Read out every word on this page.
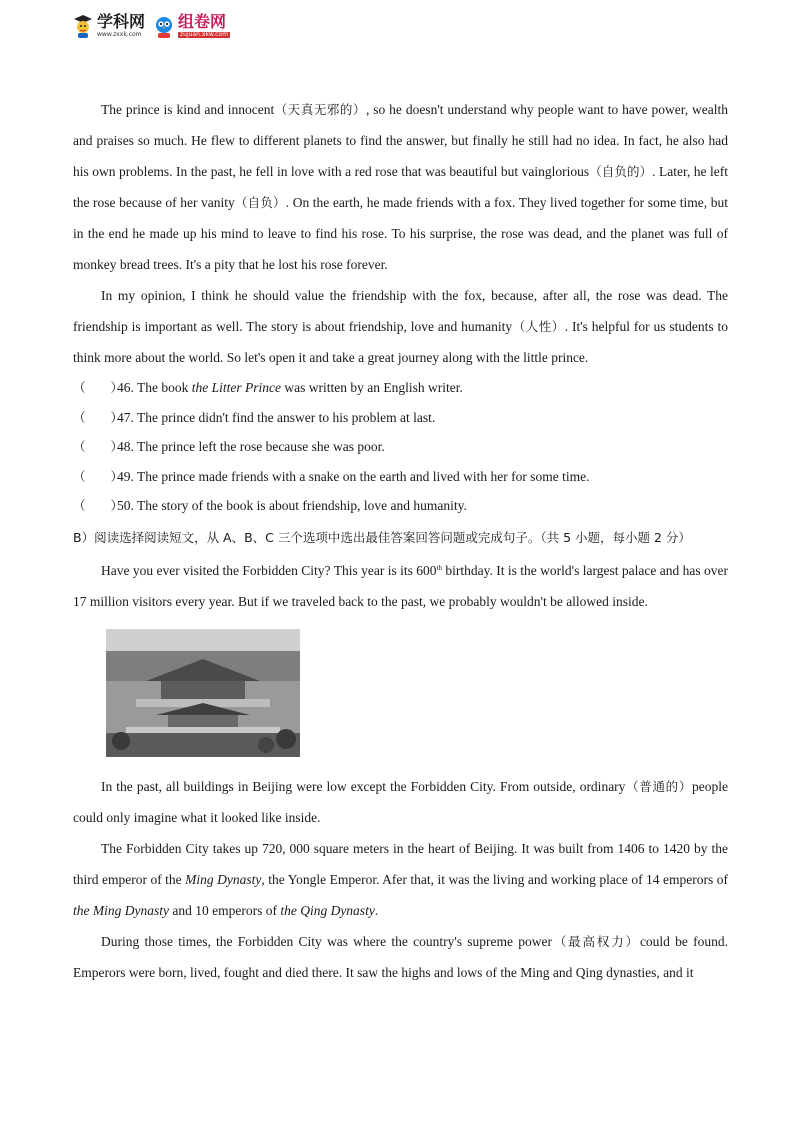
学科网
www.zxxk.com
组卷网
zujuan.xkw.com

The prince is kind and innocent（天真无邪的）, so he doesn't understand why people want to have power, wealth and praises so much. He flew to different planets to find the answer, but finally he still had no idea. In fact, he also had his own problems. In the past, he fell in love with a red rose that was beautiful but vainglorious（自负的）. Later, he left the rose because of her vanity（自负）. On the earth, he made friends with a fox. They lived together for some time, but in the end he made up his mind to leave to find his rose. To his surprise, the rose was dead, and the planet was full of monkey bread trees. It's a pity that he lost his rose forever.

In my opinion, I think he should value the friendship with the fox, because, after all, the rose was dead. The friendship is important as well. The story is about friendship, love and humanity（人性）. It's helpful for us students to think more about the world. So let's open it and take a great journey along with the little prince.

（　　）46. The book the Litter Prince was written by an English writer.

（　　）47. The prince didn't find the answer to his problem at last.

（　　）48. The prince left the rose because she was poor.

（　　）49. The prince made friends with a snake on the earth and lived with her for some time.

（　　）50. The story of the book is about friendship, love and humanity.

B）阅读选择阅读短文，从 A、B、C 三个选项中选出最佳答案回答问题或完成句子。（共 5 小题，每小题 2 分）

Have you ever visited the Forbidden City? This year is its 600th birthday. It is the world's largest palace and has over 17 million visitors every year. But if we traveled back to the past, we probably wouldn't be allowed inside.

In the past, all buildings in Beijing were low except the Forbidden City. From outside, ordinary（普通的）people could only imagine what it looked like inside.

The Forbidden City takes up 720, 000 square meters in the heart of Beijing. It was built from 1406 to 1420 by the third emperor of the Ming Dynasty, the Yongle Emperor. Afer that, it was the living and working place of 14 emperors of the Ming Dynasty and 10 emperors of the Qing Dynasty.

During those times, the Forbidden City was where the country's supreme power（最高权力）could be found. Emperors were born, lived, fought and died there. It saw the highs and lows of the Ming and Qing dynasties, and it
